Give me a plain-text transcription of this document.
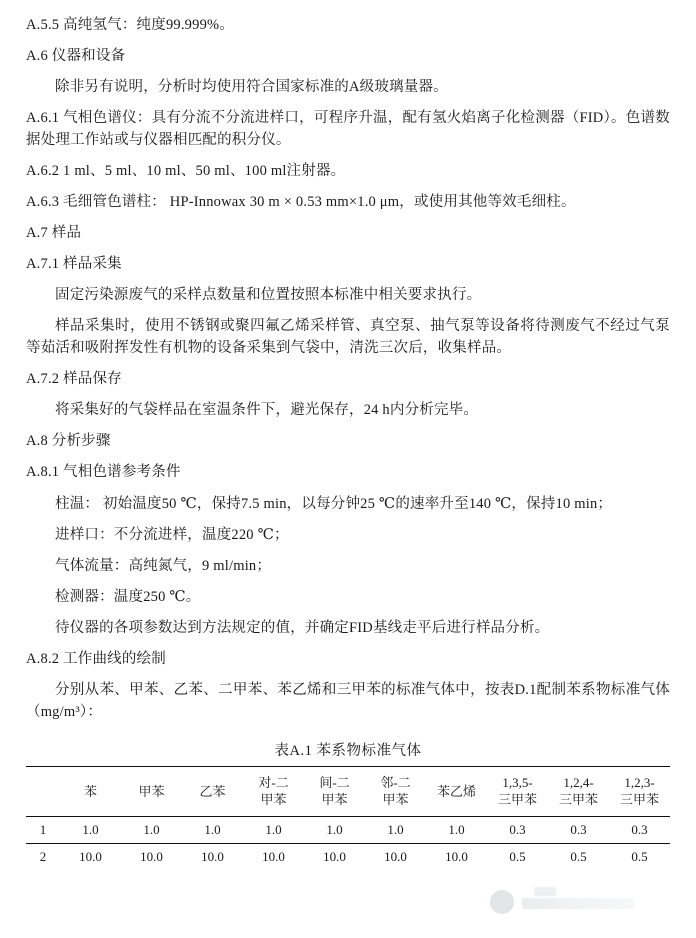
A.5.5 高纯氢气：纯度99.999%。

A.6 仪器和设备

除非另有说明，分析时均使用符合国家标准的A级玻璃量器。

A.6.1 气相色谱仪：具有分流不分流进样口，可程序升温，配有氢火焰离子化检测器（FID）。色谱数据处理工作站或与仪器相匹配的积分仪。

A.6.2 1 ml、5 ml、10 ml、50 ml、100 ml注射器。

A.6.3 毛细管色谱柱： HP-Innowax 30 m × 0.53 mm×1.0 μm，或使用其他等效毛细柱。

A.7 样品

A.7.1 样品采集

固定污染源废气的采样点数量和位置按照本标准中相关要求执行。

样品采集时，使用不锈钢或聚四氟乙烯采样管、真空泵、抽气泵等设备将待测废气不经过气泵等茹活和吸附挥发性有机物的设备采集到气袋中，清洗三次后，收集样品。

A.7.2 样品保存

将采集好的气袋样品在室温条件下，避光保存，24 h内分析完毕。

A.8 分析步骤

A.8.1 气相色谱参考条件

柱温： 初始温度50 ℃，保持7.5 min，以每分钟25 ℃的速率升至140 ℃，保持10 min；

进样口：不分流进样，温度220 ℃；

气体流量：高纯氮气，9 ml/min；

检测器：温度250 ℃。

待仪器的各项参数达到方法规定的值，并确定FID基线走平后进行样品分析。

A.8.2 工作曲线的绘制

分别从苯、甲苯、乙苯、二甲苯、苯乙烯和三甲苯的标准气体中，按表D.1配制苯系物标准气体（mg/m³）：

表A.1 苯系物标准气体

	苯	甲苯	乙苯	对-二
甲苯	间-二
甲苯	邻-二
甲苯	苯乙烯	1,3,5-
三甲苯	1,2,4-
三甲苯	1,2,3-
三甲苯

1	1.0	1.0	1.0	1.0	1.0	1.0	1.0	0.3	0.3	0.3
2	10.0	10.0	10.0	10.0	10.0	10.0	10.0	0.5	0.5	0.5
